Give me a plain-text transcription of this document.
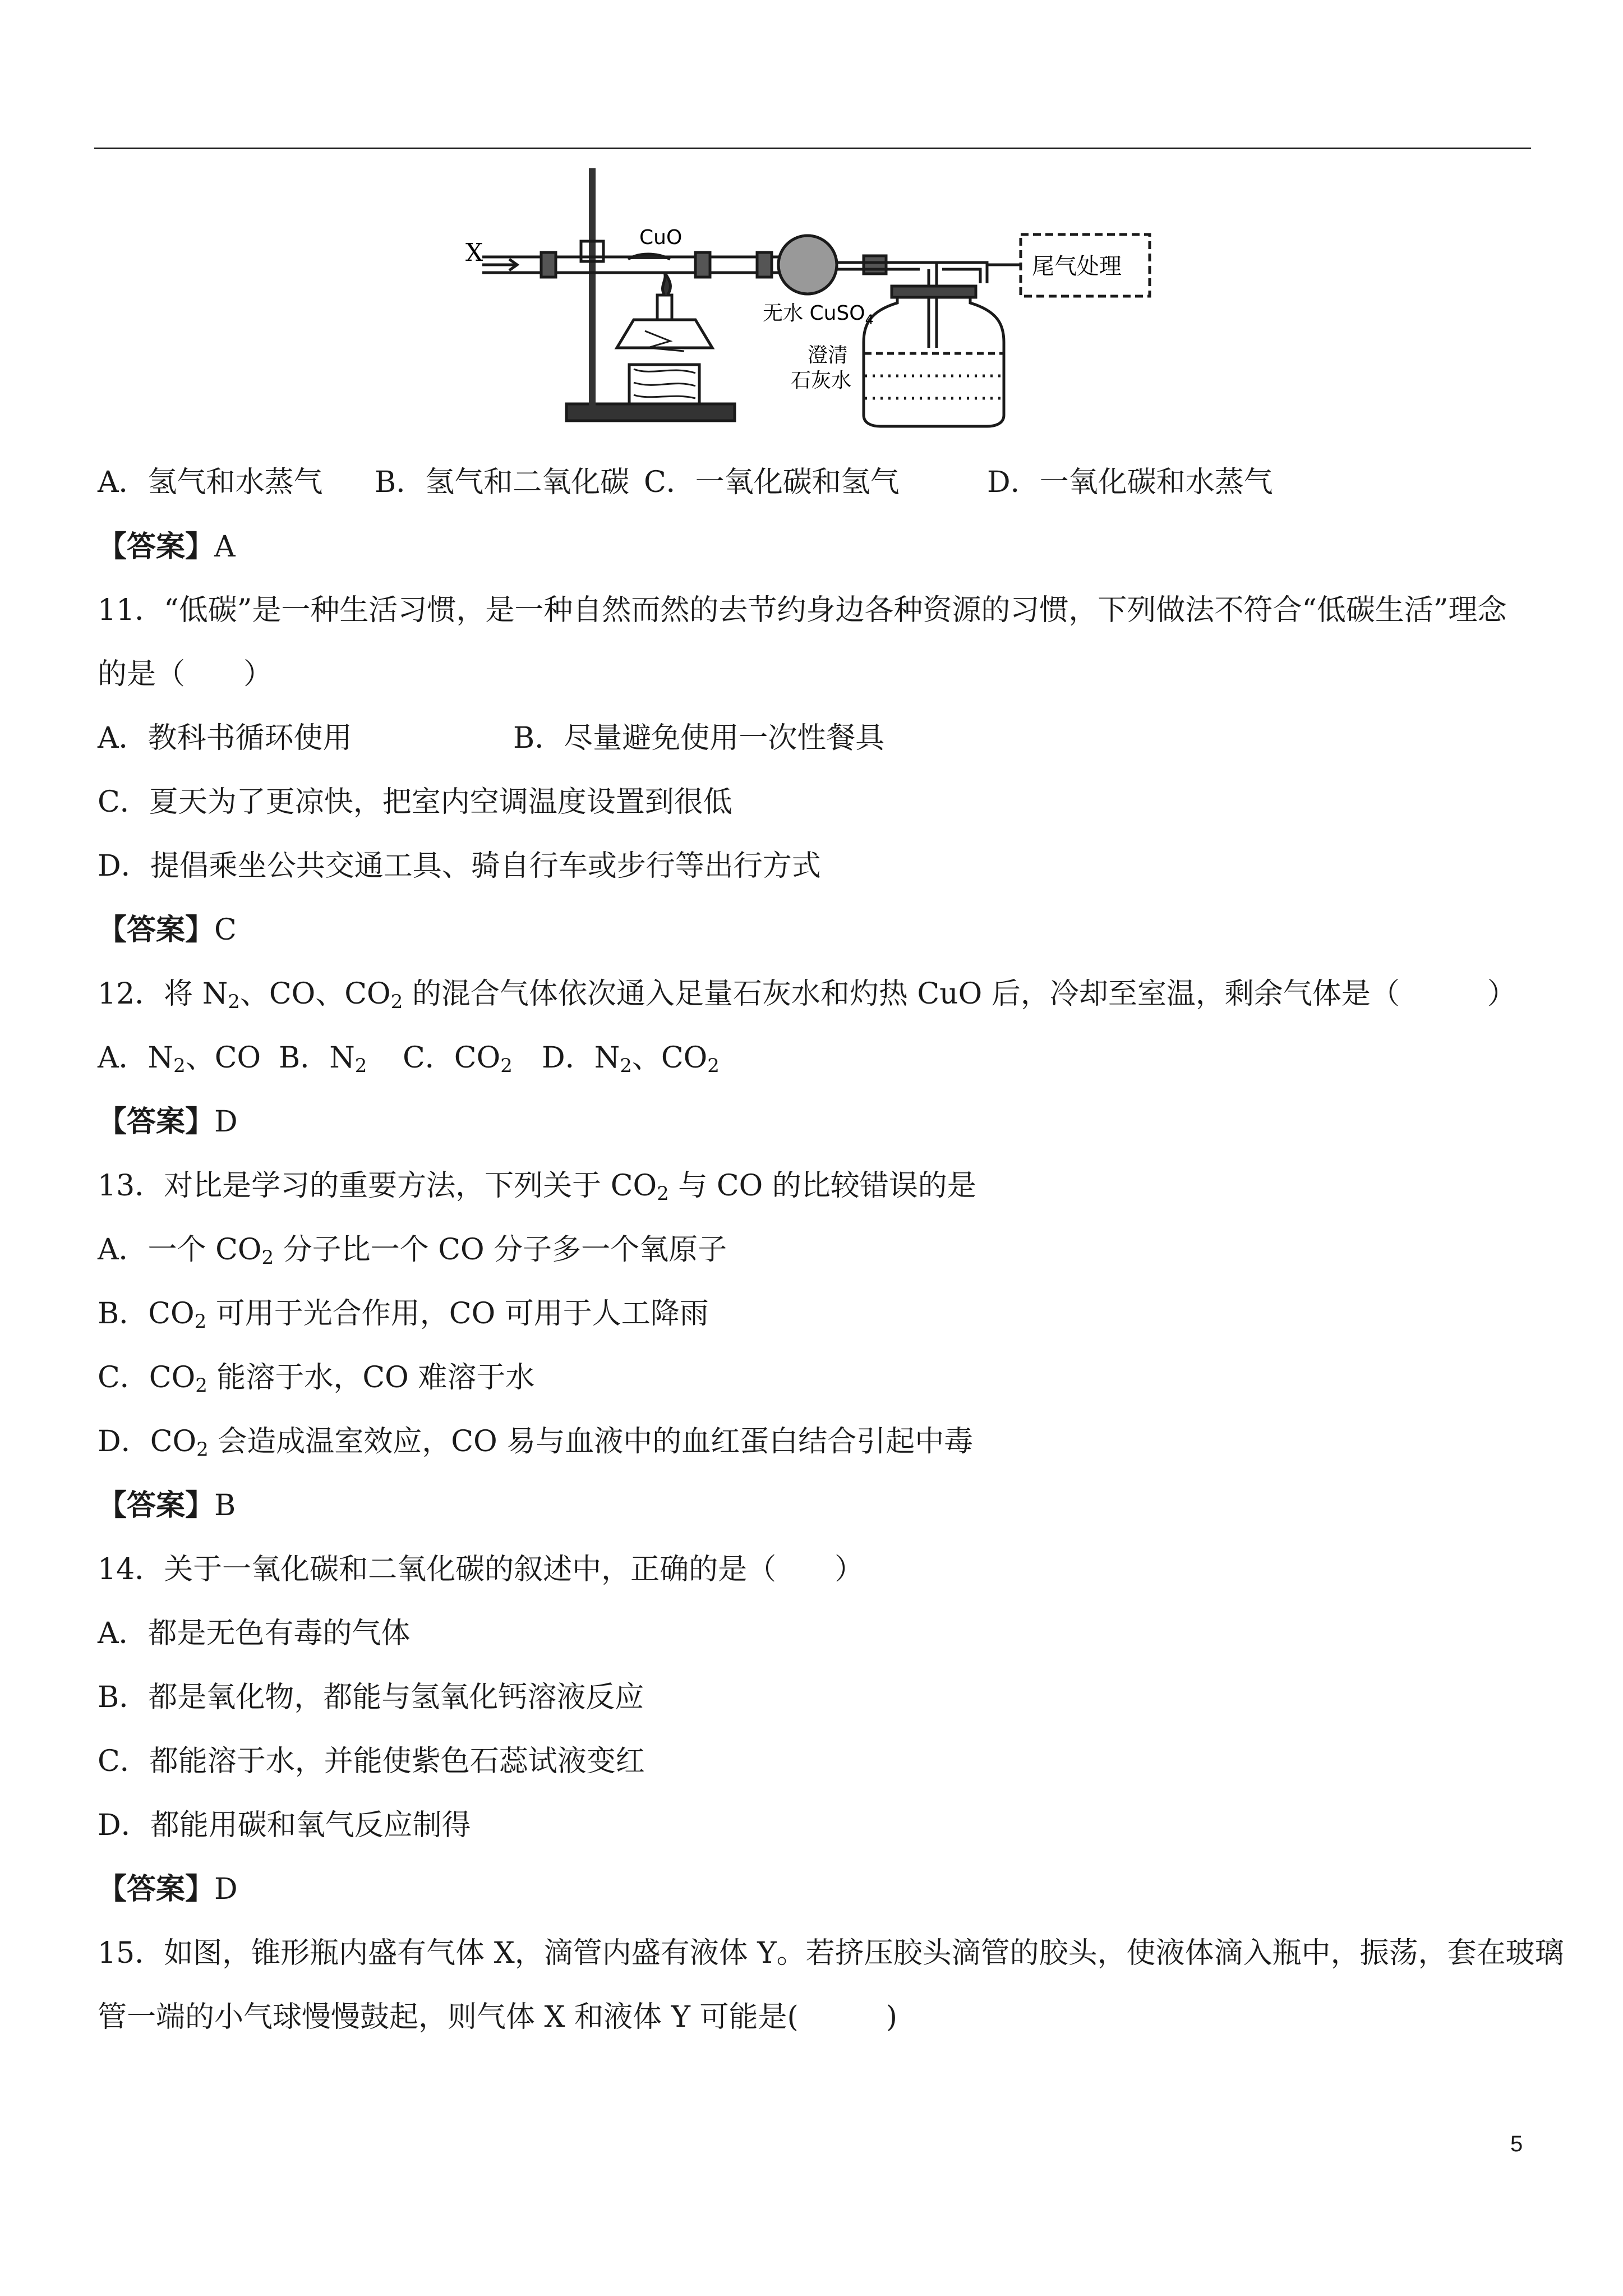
X
CuO
无水 CuSO$_4$
澄清
石灰水
尾气处理
A．氢气和水蒸气 B．氢气和二氧化碳 C．一氧化碳和氢气	D．一氧化碳和水蒸气
【答案】A
11．“低碳”是一种生活习惯，是一种自然而然的去节约身边各种资源的习惯，下列做法不符合“低碳生活”理念
的是（　　）
A．教科书循环使用	B．尽量避免使用一次性餐具
C．夏天为了更凉快，把室内空调温度设置到很低
D．提倡乘坐公共交通工具、骑自行车或步行等出行方式
【答案】C
12．将 $N_2$、CO、$CO_2$ 的混合气体依次通入足量石灰水和灼热 CuO 后，冷却至室温，剩余气体是（　　　）
A．$N_2$、CO B．$N_2$ C．$CO_2$ D．$N_2$、$CO_2$
【答案】D
13．对比是学习的重要方法，下列关于 $CO_2$ 与 CO 的比较错误的是
A．一个 $CO_2$ 分子比一个 CO 分子多一个氧原子
B．$CO_2$ 可用于光合作用，CO 可用于人工降雨
C．$CO_2$ 能溶于水，CO 难溶于水
D．$CO_2$ 会造成温室效应，CO 易与血液中的血红蛋白结合引起中毒
【答案】B
14．关于一氧化碳和二氧化碳的叙述中，正确的是（　　）
A．都是无色有毒的气体
B．都是氧化物，都能与氢氧化钙溶液反应
C．都能溶于水，并能使紫色石蕊试液变红
D．都能用碳和氧气反应制得
【答案】D
15．如图，锥形瓶内盛有气体 X，滴管内盛有液体 Y。若挤压胶头滴管的胶头，使液体滴入瓶中，振荡，套在玻璃
管一端的小气球慢慢鼓起，则气体 X 和液体 Y 可能是(　　　)
5
